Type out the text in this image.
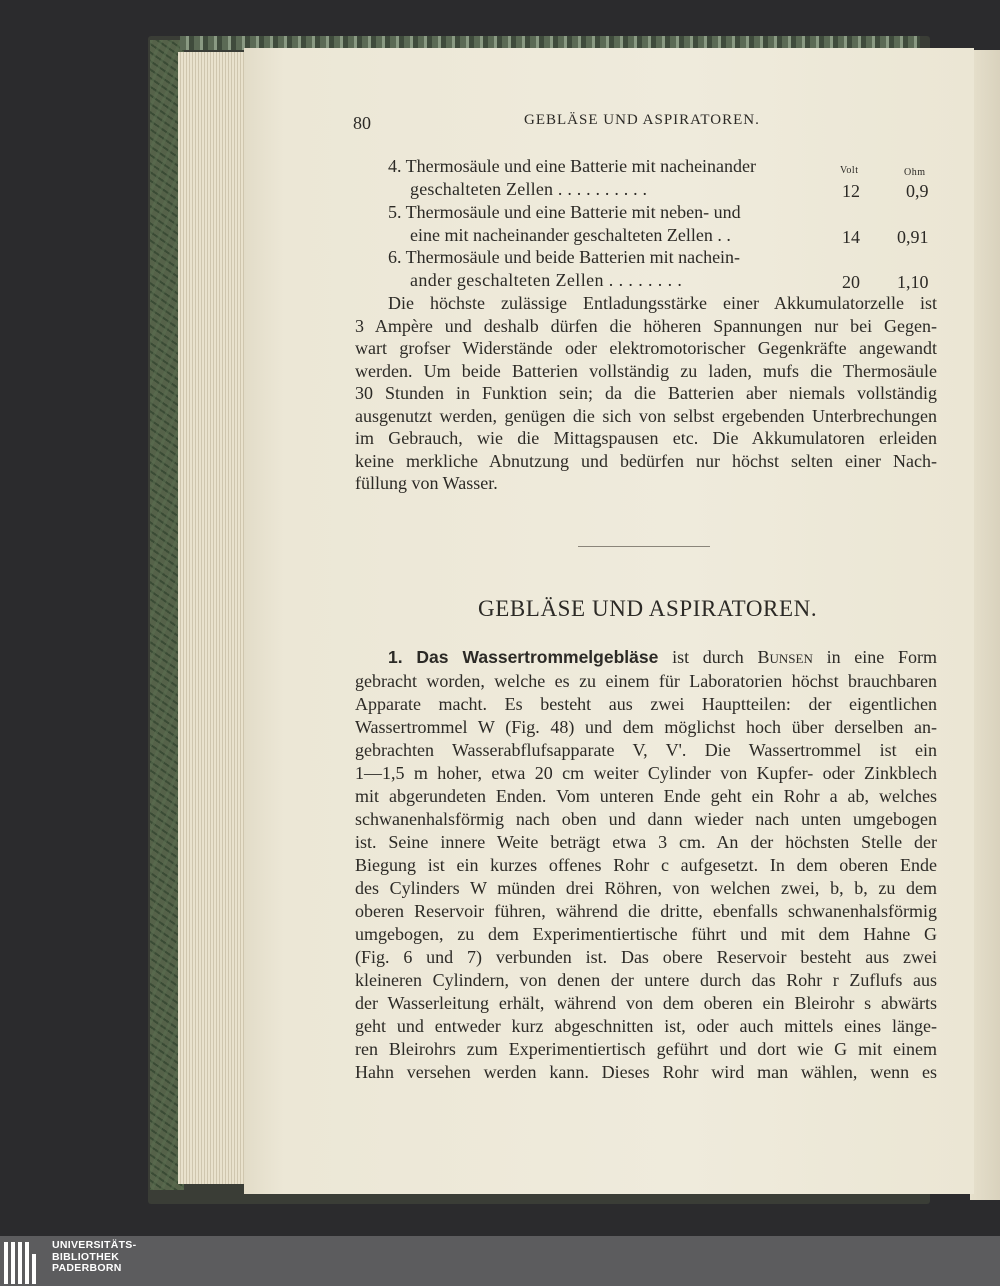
80	GEBLÄSE UND ASPIRATOREN.
Volt	Ohm
4. Thermosäule und eine Batterie mit nacheinander
geschalteten Zellen . . . . . . . . . .	12	0,9
5. Thermosäule und eine Batterie mit neben- und
eine mit nacheinander geschalteten Zellen . .	14 0,91
6. Thermosäule und beide Batterien mit nachein-
ander geschalteten Zellen . . . . . . . .	20 1,10
Die höchste zulässige Entladungsstärke einer Akkumulatorzelle ist
3 Ampère und deshalb dürfen die höheren Spannungen nur bei Gegen-
wart grofser Widerstände oder elektromotorischer Gegenkräfte angewandt
werden. Um beide Batterien vollständig zu laden, mufs die Thermosäule
30 Stunden in Funktion sein; da die Batterien aber niemals vollständig
ausgenutzt werden, genügen die sich von selbst ergebenden Unterbrechungen
im Gebrauch, wie die Mittagspausen etc. Die Akkumulatoren erleiden
keine merkliche Abnutzung und bedürfen nur höchst selten einer Nach-
füllung von Wasser.
GEBLÄSE UND ASPIRATOREN.
1. Das Wassertrommelgebläse ist durch Bunsen in eine Form
gebracht worden, welche es zu einem für Laboratorien höchst brauchbaren
Apparate macht. Es besteht aus zwei Hauptteilen: der eigentlichen
Wassertrommel W (Fig. 48) und dem möglichst hoch über derselben an-
gebrachten Wasserabflufsapparate V, V'. Die Wassertrommel ist ein
1—1,5 m hoher, etwa 20 cm weiter Cylinder von Kupfer- oder Zinkblech
mit abgerundeten Enden. Vom unteren Ende geht ein Rohr a ab, welches
schwanenhalsförmig nach oben und dann wieder nach unten umgebogen
ist. Seine innere Weite beträgt etwa 3 cm. An der höchsten Stelle der
Biegung ist ein kurzes offenes Rohr c aufgesetzt. In dem oberen Ende
des Cylinders W münden drei Röhren, von welchen zwei, b, b, zu dem
oberen Reservoir führen, während die dritte, ebenfalls schwanenhalsförmig
umgebogen, zu dem Experimentiertische führt und mit dem Hahne G
(Fig. 6 und 7) verbunden ist. Das obere Reservoir besteht aus zwei
kleineren Cylindern, von denen der untere durch das Rohr r Zuflufs aus
der Wasserleitung erhält, während von dem oberen ein Bleirohr s abwärts
geht und entweder kurz abgeschnitten ist, oder auch mittels eines länge-
ren Bleirohrs zum Experimentiertisch geführt und dort wie G mit einem
Hahn versehen werden kann. Dieses Rohr wird man wählen, wenn es
UNIVERSITÄTS-
BIBLIOTHEK
PADERBORN
